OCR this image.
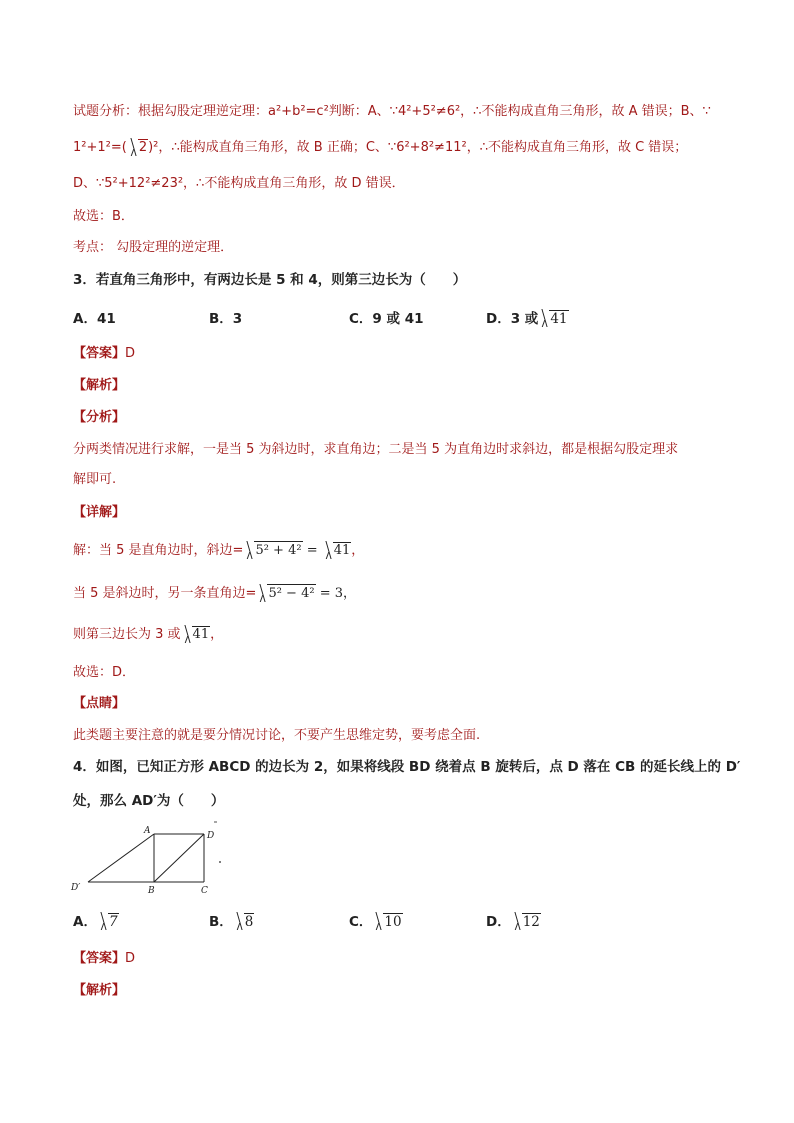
试题分析：根据勾股定理逆定理：a²+b²=c²判断：A、∵4²+5²≠6²，∴不能构成直角三角形，故 A 错误；B、∵
1²+1²=( 2)²，∴能构成直角三角形，故 B 正确；C、∵6²+8²≠11²，∴不能构成直角三角形，故 C 错误；
D、∵5²+12²≠23²，∴不能构成直角三角形，故 D 错误．
故选：B．
考点： 勾股定理的逆定理．
3．若直角三角形中，有两边长是 5 和 4，则第三边长为（　　）
A．41	B．3	C．9 或 41	D．3 或 41
【答案】D
【解析】
【分析】
分两类情况进行求解，一是当 5 为斜边时，求直角边；二是当 5 为直角边时求斜边，都是根据勾股定理求
解即可.
【详解】
解：当 5 是直角边时，斜边= 5² + 4² =
41，
当 5 是斜边时，另一条直角边= 5² − 4² = 3，
则第三边长为 3 或 41，
故选：D．
【点睛】
此类题主要注意的就是要分情况讨论，不要产生思维定势，要考虑全面.
4．如图，已知正方形 ABCD 的边长为 2，如果将线段 BD 绕着点 B 旋转后，点 D 落在 CB 的延长线上的 D′
处，那么 AD′为（　　）
A	D
D′	B	C
A． 7	B． 8	C． 10	D． 12
【答案】D
【解析】
